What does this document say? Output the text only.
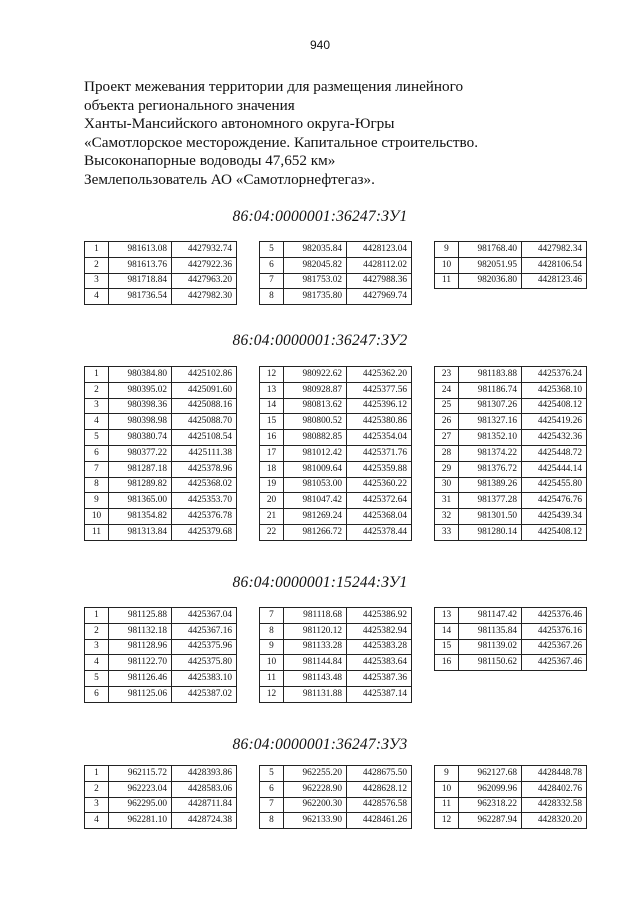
940
Проект межевания территории для размещения линейного
объекта регионального значения
Ханты-Мансийского автономного округа-Югры
«Самотлорское месторождение. Капитальное строительство.
Высоконапорные водоводы 47,652 км»
Землепользователь АО «Самотлорнефтегаз».
86:04:0000001:36247:ЗУ1
1	981613.08	4427932.74
2	981613.76	4427922.36
3	981718.84	4427963.20
4	981736.54	4427982.30
5	982035.84	4428123.04
6	982045.82	4428112.02
7	981753.02	4427988.36
8	981735.80	4427969.74
9	981768.40	4427982.34
10	982051.95	4428106.54
11	982036.80	4428123.46
86:04:0000001:36247:ЗУ2
1	980384.80	4425102.86
2	980395.02	4425091.60
3	980398.36	4425088.16
4	980398.98	4425088.70
5	980380.74	4425108.54
6	980377.22	4425111.38
7	981287.18	4425378.96
8	981289.82	4425368.02
9	981365.00	4425353.70
10	981354.82	4425376.78
11	981313.84	4425379.68
12	980922.62	4425362.20
13	980928.87	4425377.56
14	980813.62	4425396.12
15	980800.52	4425380.86
16	980882.85	4425354.04
17	981012.42	4425371.76
18	981009.64	4425359.88
19	981053.00	4425360.22
20	981047.42	4425372.64
21	981269.24	4425368.04
22	981266.72	4425378.44
23	981183.88	4425376.24
24	981186.74	4425368.10
25	981307.26	4425408.12
26	981327.16	4425419.26
27	981352.10	4425432.36
28	981374.22	4425448.72
29	981376.72	4425444.14
30	981389.26	4425455.80
31	981377.28	4425476.76
32	981301.50	4425439.34
33	981280.14	4425408.12
86:04:0000001:15244:ЗУ1
1	981125.88	4425367.04
2	981132.18	4425367.16
3	981128.96	4425375.96
4	981122.70	4425375.80
5	981126.46	4425383.10
6	981125.06	4425387.02
7	981118.68	4425386.92
8	981120.12	4425382.94
9	981133.28	4425383.28
10	981144.84	4425383.64
11	981143.48	4425387.36
12	981131.88	4425387.14
13	981147.42	4425376.46
14	981135.84	4425376.16
15	981139.02	4425367.26
16	981150.62	4425367.46
86:04:0000001:36247:ЗУ3
1	962115.72	4428393.86
2	962223.04	4428583.06
3	962295.00	4428711.84
4	962281.10	4428724.38
5	962255.20	4428675.50
6	962228.90	4428628.12
7	962200.30	4428576.58
8	962133.90	4428461.26
9	962127.68	4428448.78
10	962099.96	4428402.76
11	962318.22	4428332.58
12	962287.94	4428320.20
